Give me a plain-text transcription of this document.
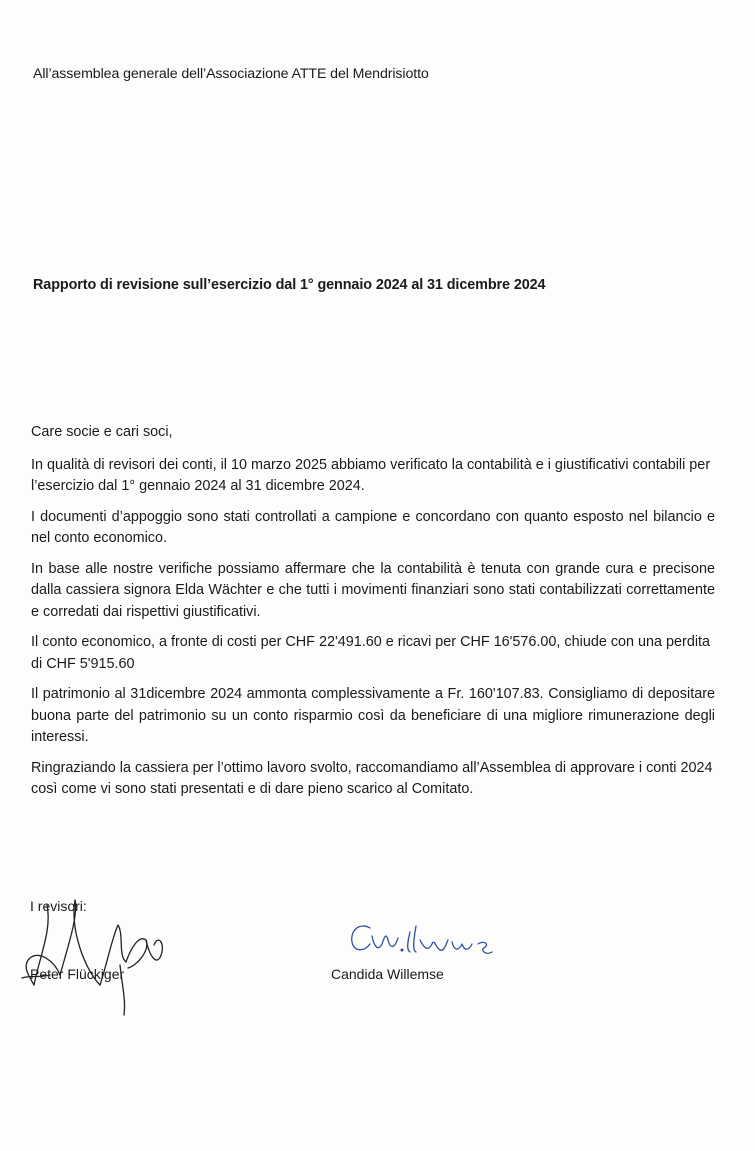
All’assemblea generale dell’Associazione ATTE del Mendrisiotto
Rapporto di revisione sull’esercizio dal 1° gennaio 2024 al 31 dicembre 2024

Care socie e cari soci,

In qualità di revisori dei conti, il 10 marzo 2025 abbiamo verificato la contabilità e i giustificativi contabili per l’esercizio dal 1° gennaio 2024 al 31 dicembre 2024.

I documenti d’appoggio sono stati controllati a campione e concordano con quanto esposto nel bilancio e nel conto economico.

In base alle nostre verifiche possiamo affermare che la contabilità è tenuta con grande cura e precisone dalla cassiera signora Elda Wächter e che tutti i movimenti finanziari sono stati contabilizzati correttamente e corredati dai rispettivi giustificativi.

Il conto economico, a fronte di costi per CHF 22'491.60 e ricavi per CHF 16'576.00, chiude con una perdita di CHF 5'915.60

Il patrimonio al 31dicembre 2024 ammonta complessivamente a Fr. 160'107.83. Consigliamo di depositare buona parte del patrimonio su un conto risparmio così da beneficiare di una migliore rimunerazione degli interessi.

Ringraziando la cassiera per l’ottimo lavoro svolto, raccomandiamo all’Assemblea di approvare i conti 2024 così come vi sono stati presentati e di dare pieno scarico al Comitato.

I revisori:
Peter Flückiger	Candida Willemse
